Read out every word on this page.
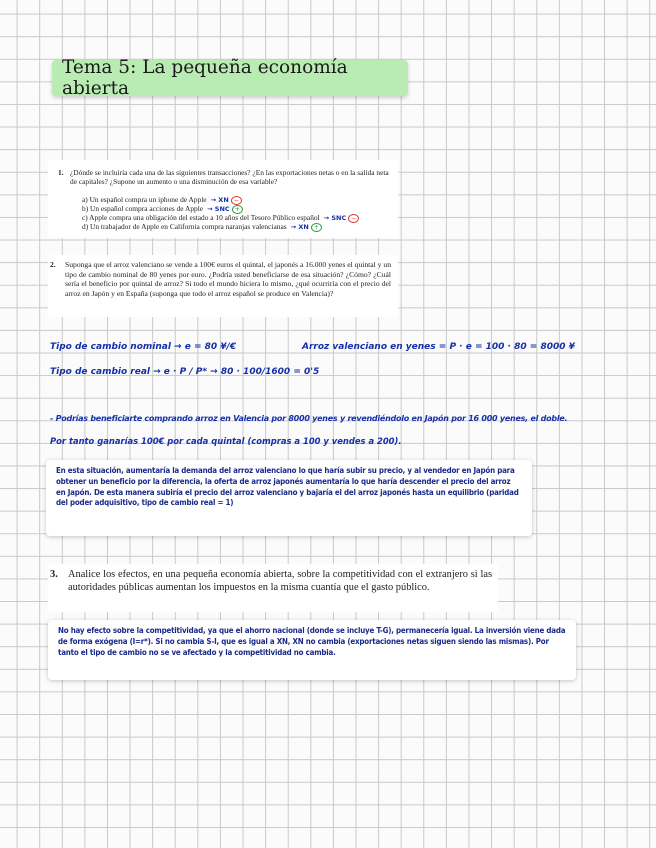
Tema 5: La pequeña economía abierta
1. ¿Dónde se incluiría cada una de las siguientes transacciones? ¿En las exportaciones netas o en la salida neta de capitales? ¿Supone un aumento o una disminución de esa variable?
a) Un español compra un iphone de Apple → XN −
b) Un español compra acciones de Apple → SNC +
c) Apple compra una obligación del estado a 10 años del Tesoro Público español → SNC −
d) Un trabajador de Apple en California compra naranjas valencianas → XN +
2. Suponga que el arroz valenciano se vende a 100€ euros el quintal, el japonés a 16.000 yenes el quintal y un tipo de cambio nominal de 80 yenes por euro. ¿Podría usted beneficiarse de esa situación? ¿Cómo? ¿Cuál sería el beneficio por quintal de arroz? Si todo el mundo hiciera lo mismo, ¿qué ocurriría con el precio del arroz en Japón y en España (suponga que todo el arroz español se produce en Valencia)?
Tipo de cambio nominal → e = 80 ¥/€	Arroz valenciano en yenes = P · e = 100 · 80 = 8000 ¥
Tipo de cambio real → e · P / P* → 80 · 100/1600 = 0'5
- Podrías beneficiarte comprando arroz en Valencia por 8000 yenes y revendiéndolo en Japón por 16 000 yenes, el doble.
Por tanto ganarías 100€ por cada quintal (compras a 100 y vendes a 200).
En esta situación, aumentaría la demanda del arroz valenciano lo que haría subir su precio, y al vendedor en Japón para obtener un beneficio por la diferencia, la oferta de arroz japonés aumentaría lo que haría descender el precio del arroz en Japón. De esta manera subiría el precio del arroz valenciano y bajaría el del arroz japonés hasta un equilibrio (paridad del poder adquisitivo, tipo de cambio real = 1)
3. Analice los efectos, en una pequeña economía abierta, sobre la competitividad con el extranjero si las autoridades públicas aumentan los impuestos en la misma cuantía que el gasto público.
No hay efecto sobre la competitividad, ya que el ahorro nacional (donde se incluye T-G), permanecería igual. La inversión viene dada de forma exógena (I=r*). Si no cambia S-I, que es igual a XN, XN no cambia (exportaciones netas siguen siendo las mismas). Por tanto el tipo de cambio no se ve afectado y la competitividad no cambia.
